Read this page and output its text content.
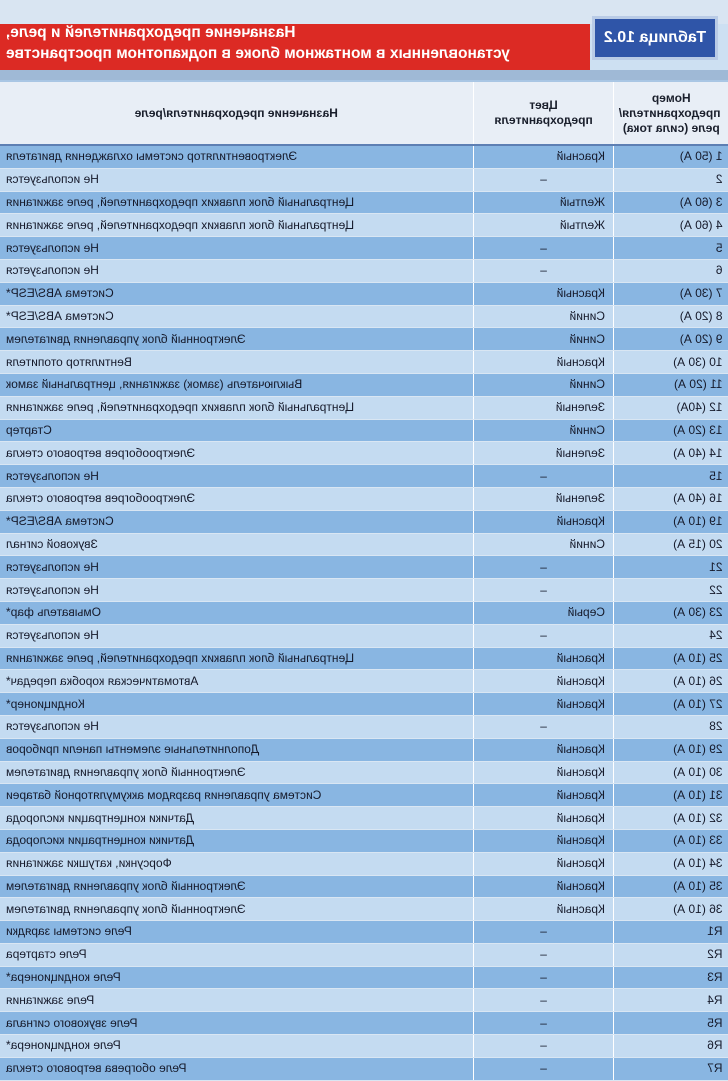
Назначение предохранителей и реле,
установленных в монтажном блоке в подкапотном пространстве
Таблица 10.2
Назначение предохранителя/реле	Цвет предохранителя	Номер предохранителя/ реле (сила тока)

Электровентилятор системы охлаждения двигателя	Красный	1 (50 А)

Не используется	–	2

Центральный блок плавких предохранителей, реле зажигания	Желтый	3 (60 А)

Центральный блок плавких предохранителей, реле зажигания	Желтый	4 (60 А)

Не используется	–	5

Не используется	–	6

Система ABS/ESP*	Красный	7 (30 А)

Система ABS/ESP*	Синий	8 (20 А)

Электронный блок управления двигателем	Синий	9 (20 А)

Вентилятор отопителя	Красный	10 (30 А)

Выключатель (замок) зажигания, центральный замок	Синий	11 (20 А)

Центральный блок плавких предохранителей, реле зажигания	Зеленый	12 (40А)

Стартер	Синий	13 (20 А)

Электрообогрев ветрового стекла	Зеленый	14 (40 А)

Не используется	–	15

Электрообогрев ветрового стекла	Зеленый	16 (40 А)

Система ABS/ESP*	Красный	19 (10 А)

Звуковой сигнал	Синий	20 (15 А)

Не используется	–	21

Не используется	–	22

Омыватель фар*	Серый	23 (30 А)

Не используется	–	24

Центральный блок плавких предохранителей, реле зажигания	Красный	25 (10 А)

Автоматическая коробка передач*	Красный	26 (10 А)

Кондиционер*	Красный	27 (10 А)

Не используется	–	28

Дополнительные элементы панели приборов	Красный	29 (10 А)

Электронный блок управления двигателем	Красный	30 (10 А)

Система управления разрядом аккумуляторной батареи	Красный	31 (10 А)

Датчики концентрации кислорода	Красный	32 (10 А)

Датчики концентрации кислорода	Красный	33 (10 А)

Форсунки, катушки зажигания	Красный	34 (10 А)

Электронный блок управления двигателем	Красный	35 (10 А)

Электронный блок управления двигателем	Красный	36 (10 А)

Реле системы зарядки	–	R1

Реле стартера	–	R2

Реле кондиционера*	–	R3

Реле зажигания	–	R4

Реле звукового сигнала	–	R5

Реле кондиционера*	–	R6

Реле обогрева ветрового стекла	–	R7
